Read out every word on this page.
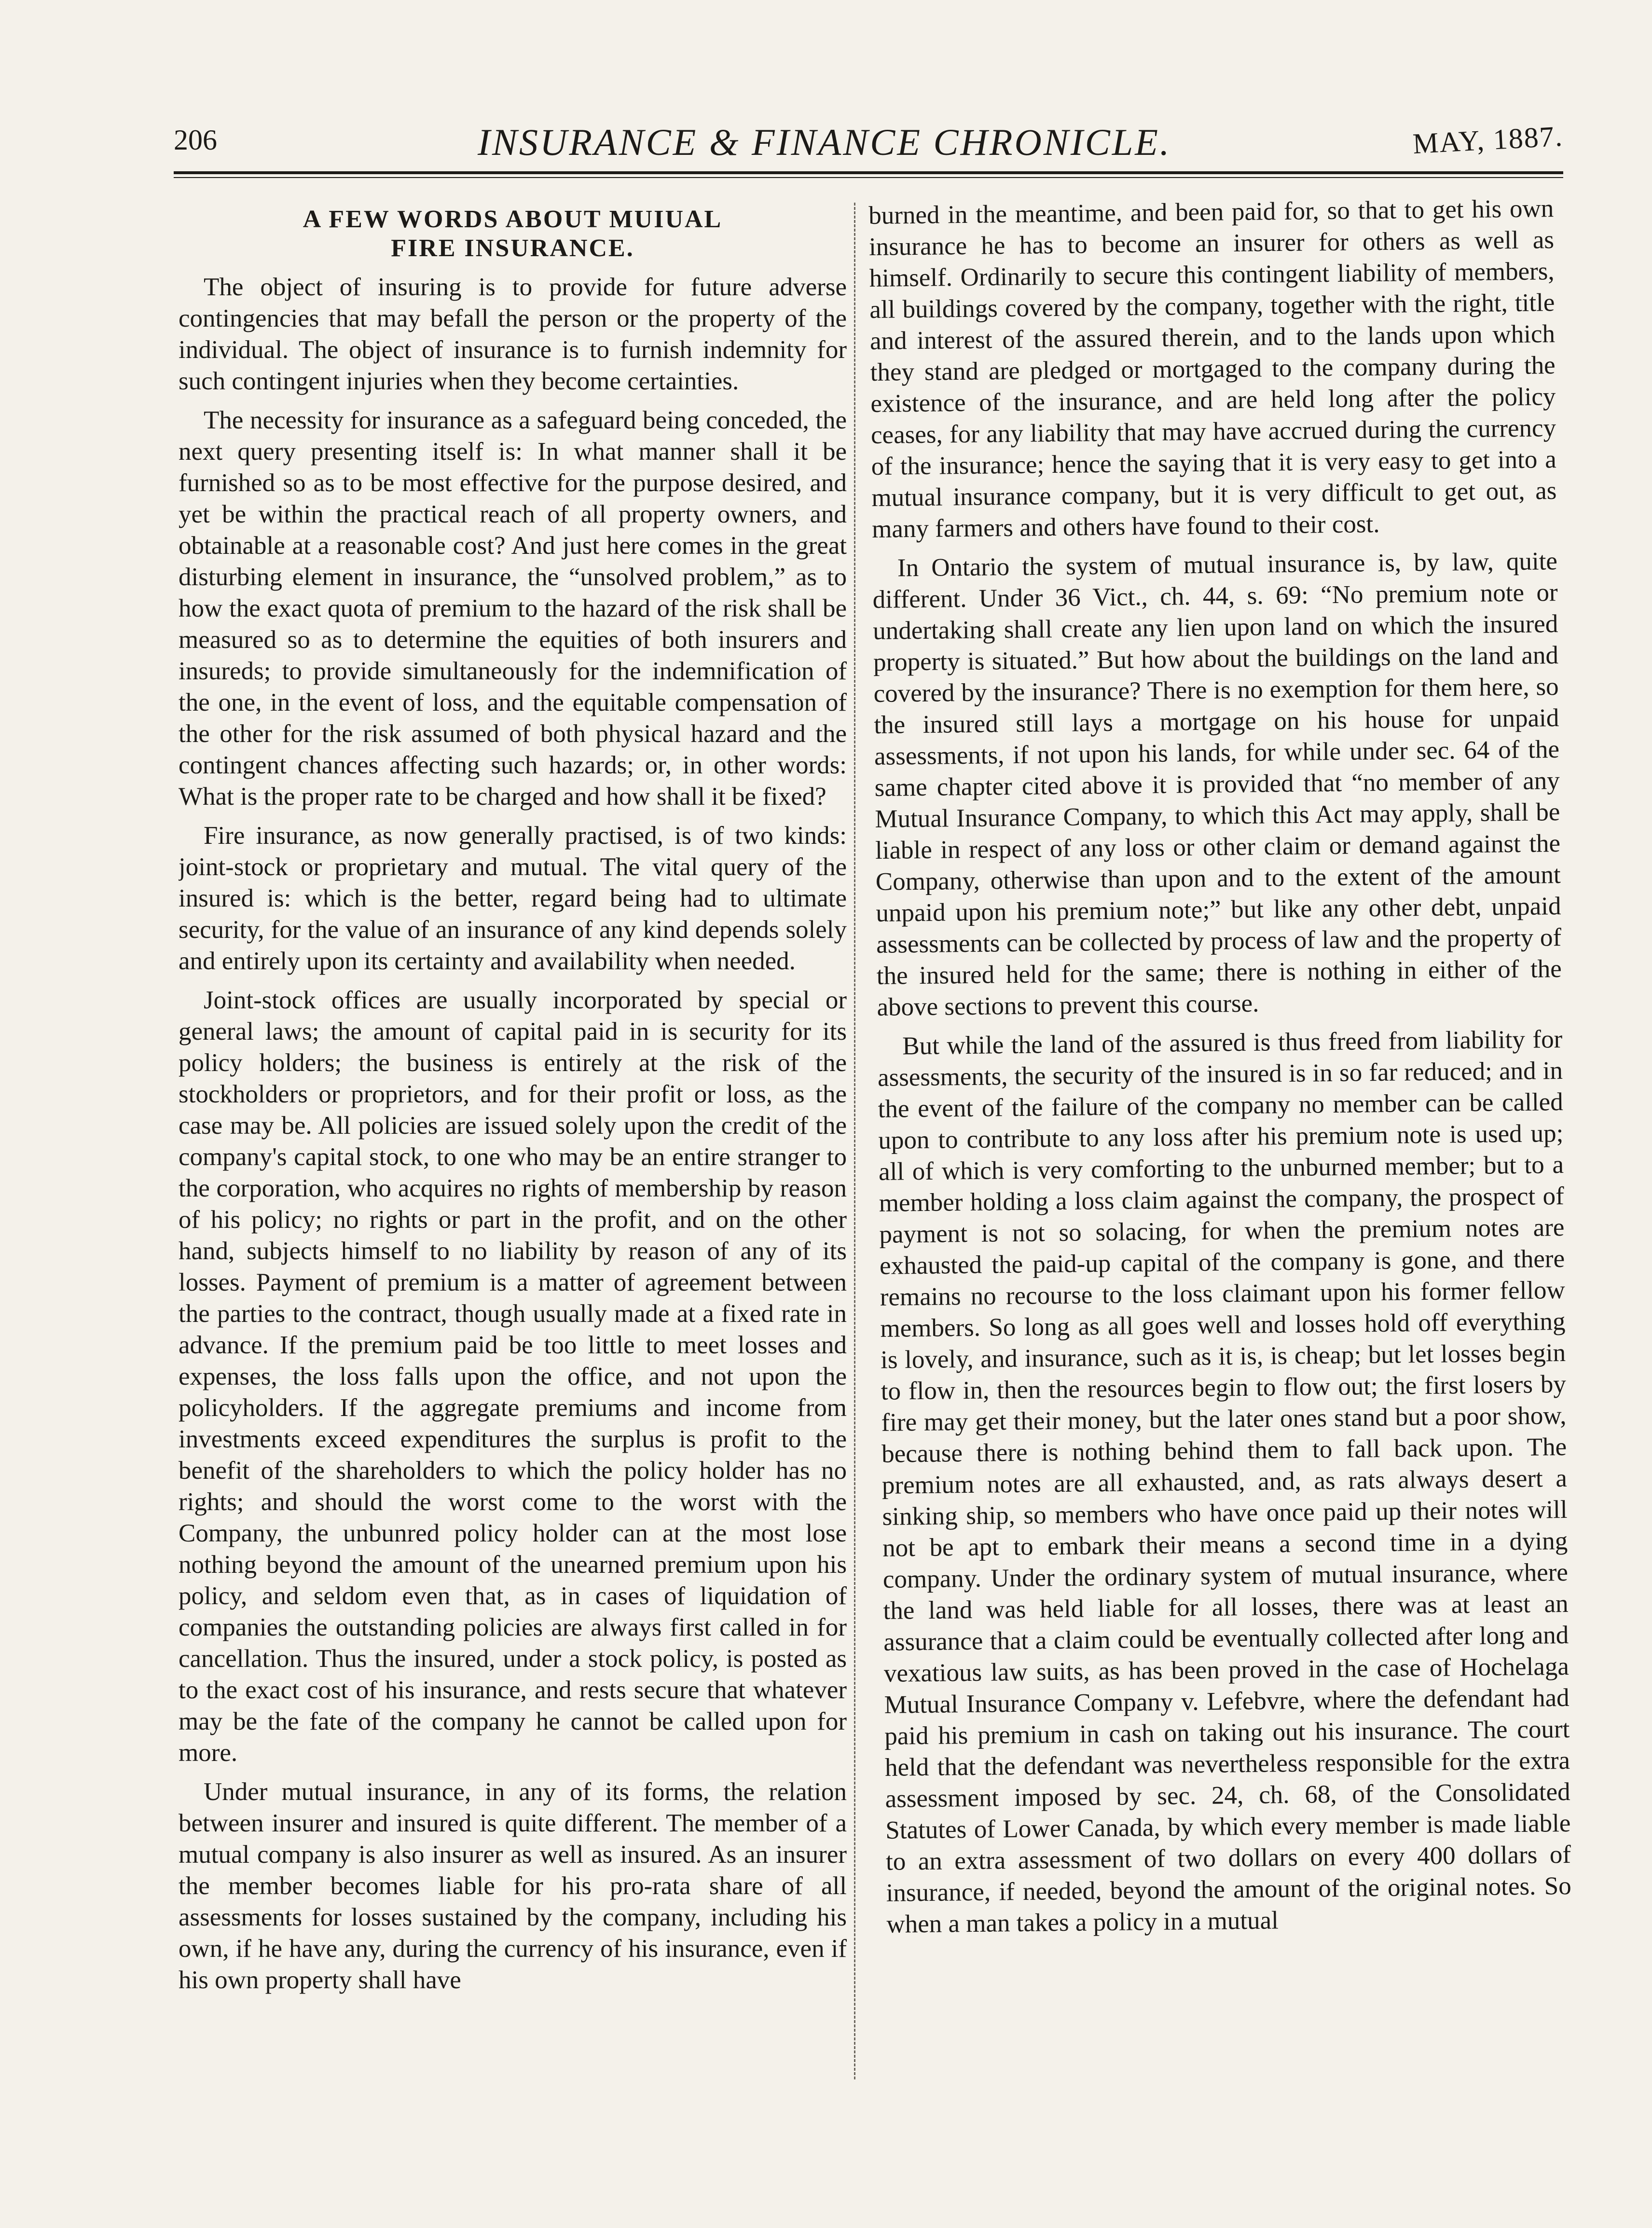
206	INSURANCE & FINANCE CHRONICLE.	MAY, 1887.
A FEW WORDS ABOUT MUIUAL
FIRE INSURANCE.

The object of insuring is to provide for future adverse contingencies that may befall the person or the property of the individual. The object of insurance is to furnish indemnity for such contingent injuries when they become certainties.

The necessity for insurance as a safeguard being conceded, the next query presenting itself is: In what manner shall it be furnished so as to be most effective for the purpose desired, and yet be within the practical reach of all property owners, and obtainable at a reasonable cost? And just here comes in the great disturbing element in insurance, the “unsolved problem,” as to how the exact quota of premium to the hazard of the risk shall be measured so as to determine the equities of both insurers and insureds; to provide simultaneously for the indemnification of the one, in the event of loss, and the equitable compensation of the other for the risk assumed of both physical hazard and the contingent chances affecting such hazards; or, in other words: What is the proper rate to be charged and how shall it be fixed?

Fire insurance, as now generally practised, is of two kinds: joint-stock or proprietary and mutual. The vital query of the insured is: which is the better, regard being had to ultimate security, for the value of an insurance of any kind depends solely and entirely upon its certainty and availability when needed.

Joint-stock offices are usually incorporated by special or general laws; the amount of capital paid in is security for its policy holders; the business is entirely at the risk of the stockholders or proprietors, and for their profit or loss, as the case may be. All policies are issued solely upon the credit of the company's capital stock, to one who may be an entire stranger to the corporation, who acquires no rights of membership by reason of his policy; no rights or part in the profit, and on the other hand, subjects himself to no liability by reason of any of its losses. Payment of premium is a matter of agreement between the parties to the contract, though usually made at a fixed rate in advance. If the premium paid be too little to meet losses and expenses, the loss falls upon the office, and not upon the policyholders. If the aggregate premiums and income from investments exceed expenditures the surplus is profit to the benefit of the shareholders to which the policy holder has no rights; and should the worst come to the worst with the Company, the unbunred policy holder can at the most lose nothing beyond the amount of the unearned premium upon his policy, and seldom even that, as in cases of liquidation of companies the outstanding policies are always first called in for cancellation. Thus the insured, under a stock policy, is posted as to the exact cost of his insurance, and rests secure that whatever may be the fate of the company he cannot be called upon for more.

Under mutual insurance, in any of its forms, the relation between insurer and insured is quite different. The member of a mutual company is also insurer as well as insured. As an insurer the member becomes liable for his pro-rata share of all assessments for losses sustained by the company, including his own, if he have any, during the currency of his insurance, even if his own property shall have

burned in the meantime, and been paid for, so that to get his own insurance he has to become an insurer for others as well as himself. Ordinarily to secure this contingent liability of members, all buildings covered by the company, together with the right, title and interest of the assured therein, and to the lands upon which they stand are pledged or mortgaged to the company during the existence of the insurance, and are held long after the policy ceases, for any liability that may have accrued during the currency of the insurance; hence the saying that it is very easy to get into a mutual insurance company, but it is very difficult to get out, as many farmers and others have found to their cost.

In Ontario the system of mutual insurance is, by law, quite different. Under 36 Vict., ch. 44, s. 69: “No premium note or undertaking shall create any lien upon land on which the insured property is situated.” But how about the buildings on the land and covered by the insurance? There is no exemption for them here, so the insured still lays a mortgage on his house for unpaid assessments, if not upon his lands, for while under sec. 64 of the same chapter cited above it is provided that “no member of any Mutual Insurance Company, to which this Act may apply, shall be liable in respect of any loss or other claim or demand against the Company, otherwise than upon and to the extent of the amount unpaid upon his premium note;” but like any other debt, unpaid assessments can be collected by process of law and the property of the insured held for the same; there is nothing in either of the above sections to prevent this course.

But while the land of the assured is thus freed from liability for assessments, the security of the insured is in so far reduced; and in the event of the failure of the company no member can be called upon to contribute to any loss after his premium note is used up; all of which is very comforting to the unburned member; but to a member holding a loss claim against the company, the prospect of payment is not so solacing, for when the premium notes are exhausted the paid-up capital of the company is gone, and there remains no recourse to the loss claimant upon his former fellow members. So long as all goes well and losses hold off everything is lovely, and insurance, such as it is, is cheap; but let losses begin to flow in, then the resources begin to flow out; the first losers by fire may get their money, but the later ones stand but a poor show, because there is nothing behind them to fall back upon. The premium notes are all exhausted, and, as rats always desert a sinking ship, so members who have once paid up their notes will not be apt to embark their means a second time in a dying company. Under the ordinary system of mutual insurance, where the land was held liable for all losses, there was at least an assurance that a claim could be eventually collected after long and vexatious law suits, as has been proved in the case of Hochelaga Mutual Insurance Company v. Lefebvre, where the defendant had paid his premium in cash on taking out his insurance. The court held that the defendant was nevertheless responsible for the extra assessment imposed by sec. 24, ch. 68, of the Consolidated Statutes of Lower Canada, by which every member is made liable to an extra assessment of two dollars on every 400 dollars of insurance, if needed, beyond the amount of the original notes. So when a man takes a policy in a mutual
